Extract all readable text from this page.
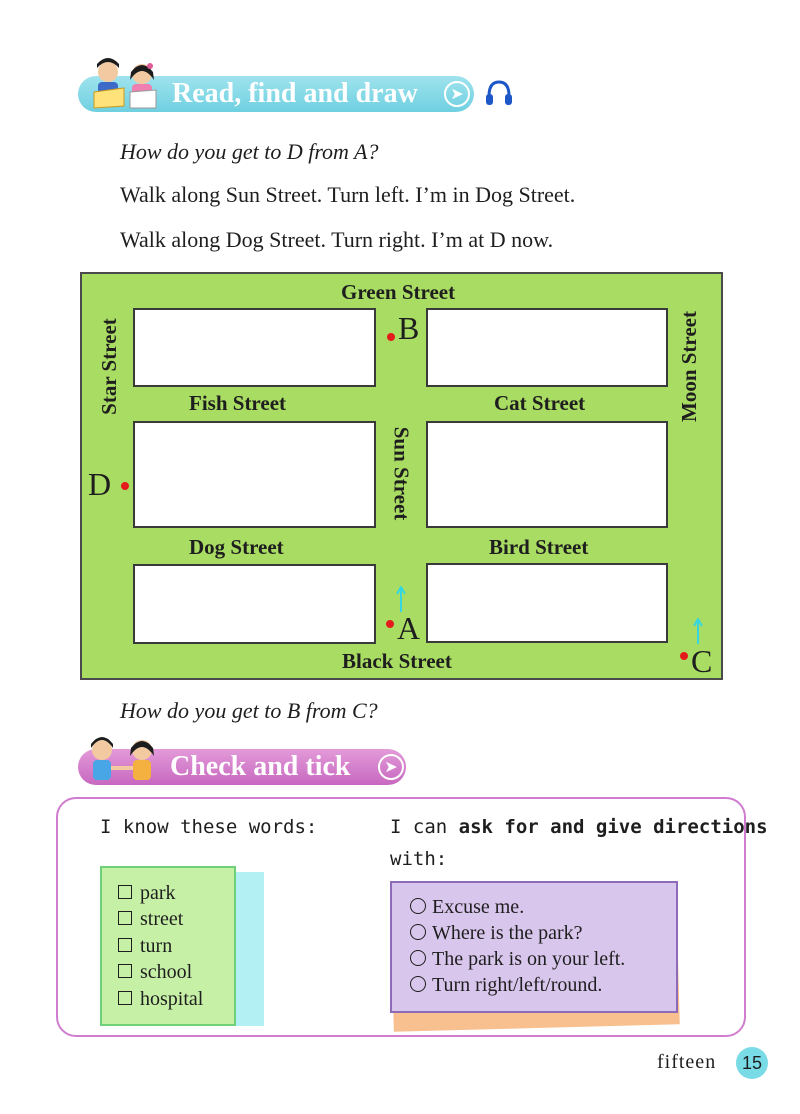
Read, find and draw	➤
How do you get to D from A?
Walk along Sun Street. Turn left. I’m in Dog Street.
Walk along Dog Street. Turn right. I’m at D now.
Green Street
Fish Street	Cat Street
Dog Street	Bird Street
Black Street
Star Street	Moon Street
Sun Street
B
D
A
C
How do you get to B from C?
Check and tick	➤
I know these words:	I can ask for and give directions
with:
park
street
turn
school
hospital
Excuse me.
Where is the park?
The park is on your left.
Turn right/left/round.
fifteen	15
